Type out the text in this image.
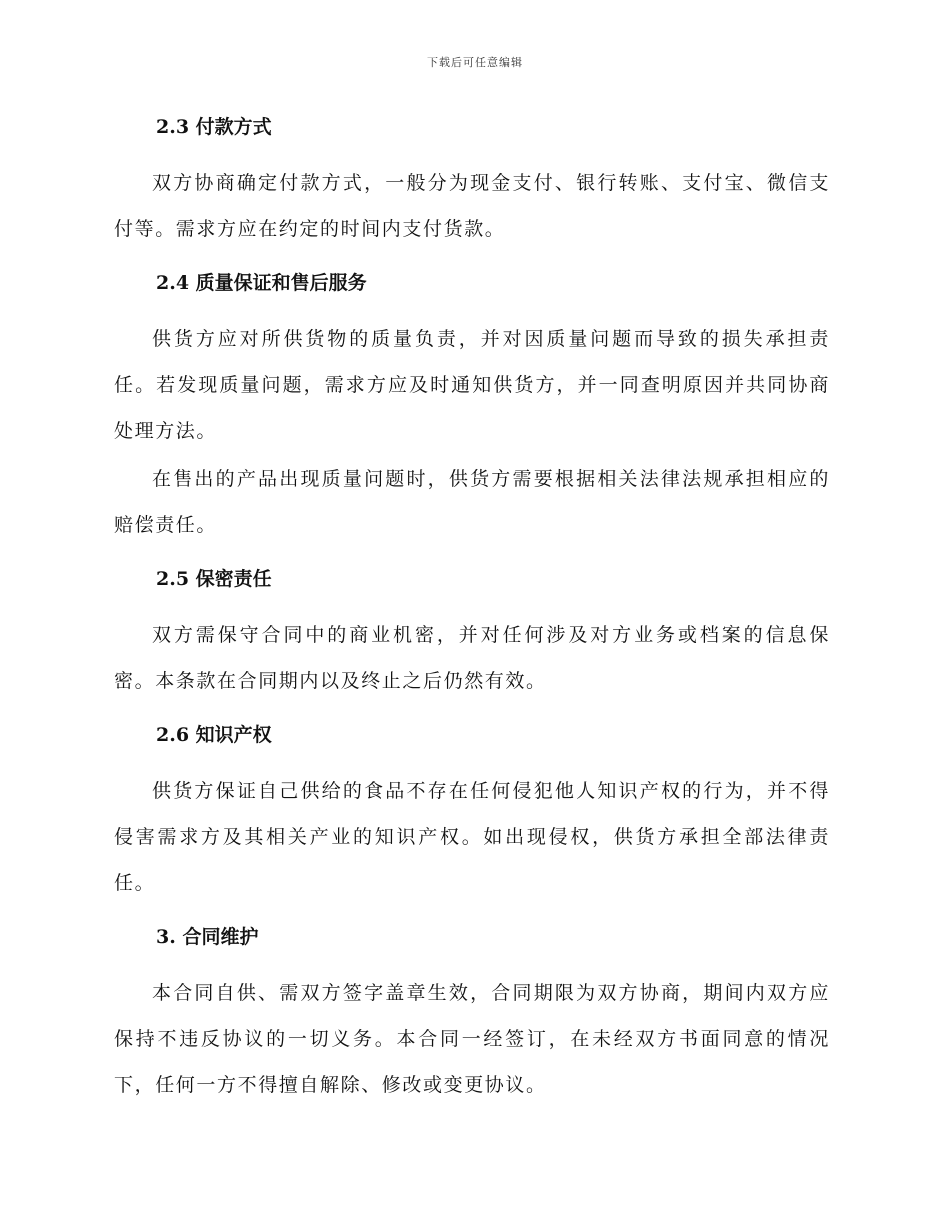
下载后可任意编辑
2.3 付款方式

双方协商确定付款方式，一般分为现金支付、银行转账、支付宝、微信支付等。需求方应在约定的时间内支付货款。

2.4 质量保证和售后服务

供货方应对所供货物的质量负责，并对因质量问题而导致的损失承担责任。若发现质量问题，需求方应及时通知供货方，并一同查明原因并共同协商处理方法。

在售出的产品出现质量问题时，供货方需要根据相关法律法规承担相应的赔偿责任。

2.5 保密责任

双方需保守合同中的商业机密，并对任何涉及对方业务或档案的信息保密。本条款在合同期内以及终止之后仍然有效。

2.6 知识产权

供货方保证自己供给的食品不存在任何侵犯他人知识产权的行为，并不得侵害需求方及其相关产业的知识产权。如出现侵权，供货方承担全部法律责任。

3. 合同维护

本合同自供、需双方签字盖章生效，合同期限为双方协商，期间内双方应保持不违反协议的一切义务。本合同一经签订，在未经双方书面同意的情况下，任何一方不得擅自解除、修改或变更协议。
